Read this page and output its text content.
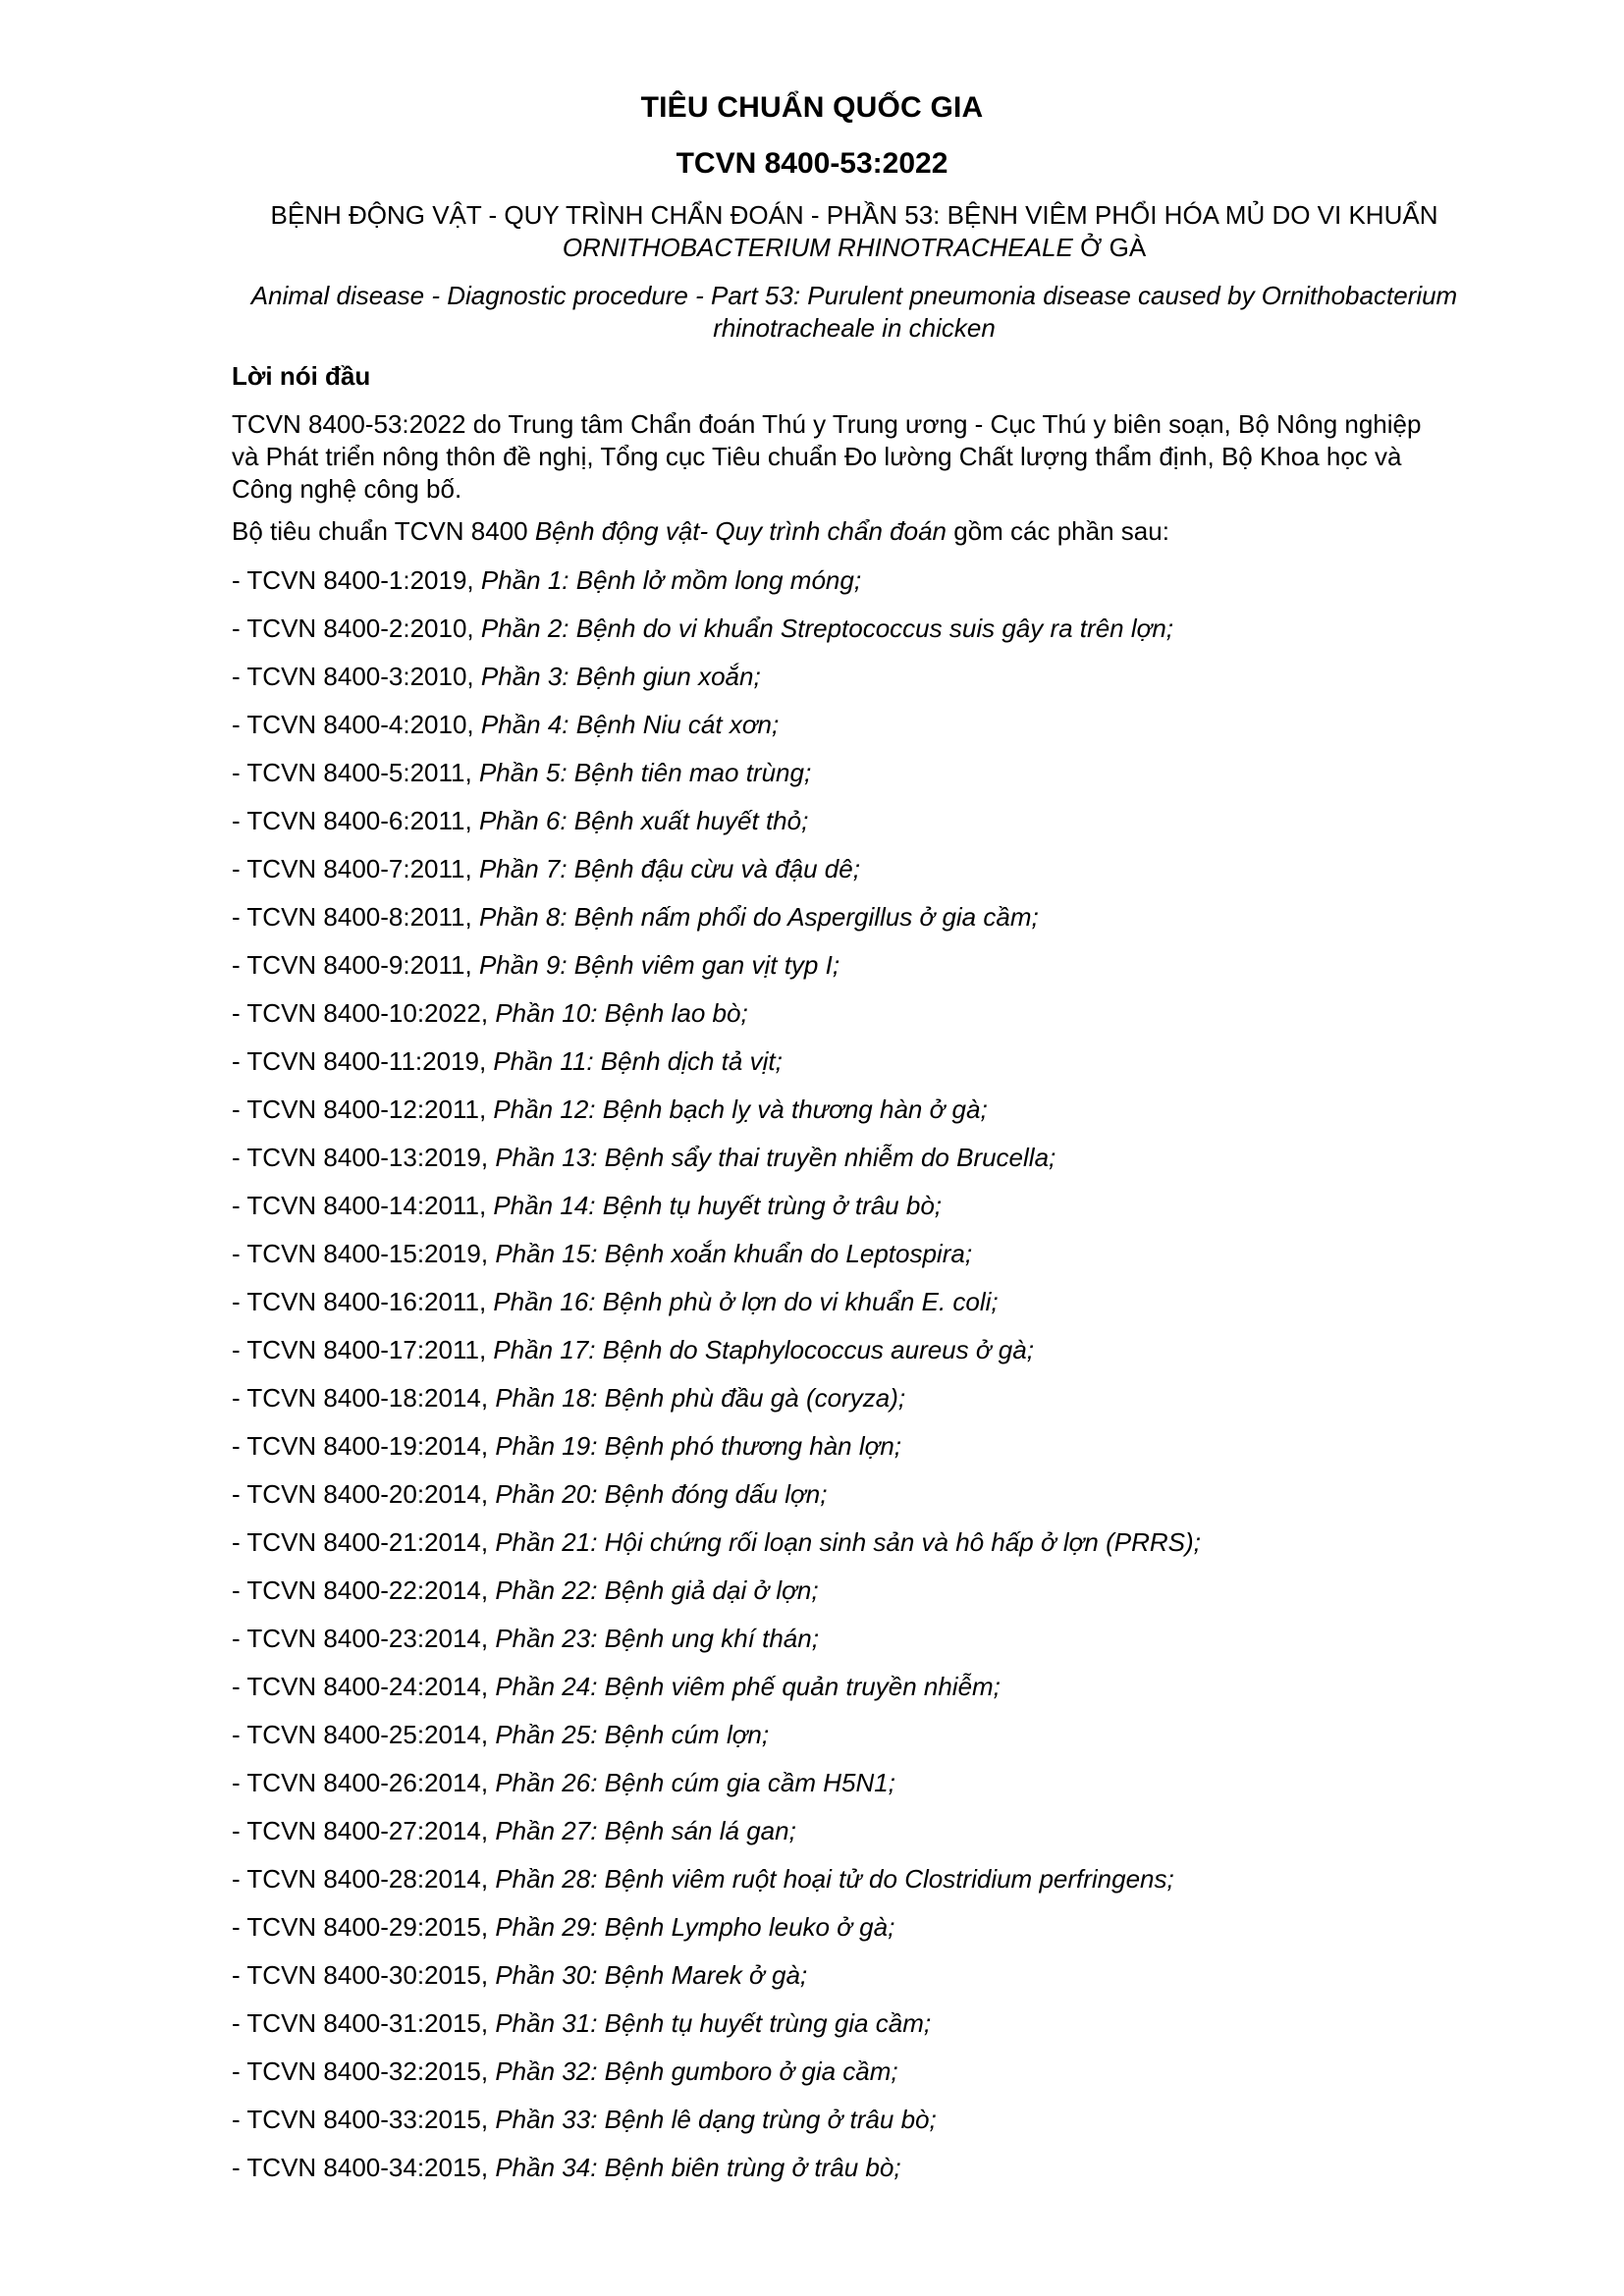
TIÊU CHUẨN QUỐC GIA
TCVN 8400-53:2022
BỆNH ĐỘNG VẬT - QUY TRÌNH CHẨN ĐOÁN - PHẦN 53: BỆNH VIÊM PHỔI HÓA MỦ DO VI KHUẨN ORNITHOBACTERIUM RHINOTRACHEALE Ở GÀ
Animal disease - Diagnostic procedure - Part 53: Purulent pneumonia disease caused by Ornithobacterium rhinotracheale in chicken
Lời nói đầu
TCVN 8400-53:2022 do Trung tâm Chẩn đoán Thú y Trung ương - Cục Thú y biên soạn, Bộ Nông nghiệp và Phát triển nông thôn đề nghị, Tổng cục Tiêu chuẩn Đo lường Chất lượng thẩm định, Bộ Khoa học và Công nghệ công bố.
Bộ tiêu chuẩn TCVN 8400 Bệnh động vật- Quy trình chẩn đoán gồm các phần sau:
- TCVN 8400-1:2019, Phần 1: Bệnh lở mồm long móng;
- TCVN 8400-2:2010, Phần 2: Bệnh do vi khuẩn Streptococcus suis gây ra trên lợn;
- TCVN 8400-3:2010, Phần 3: Bệnh giun xoắn;
- TCVN 8400-4:2010, Phần 4: Bệnh Niu cát xơn;
- TCVN 8400-5:2011, Phần 5: Bệnh tiên mao trùng;
- TCVN 8400-6:2011, Phần 6: Bệnh xuất huyết thỏ;
- TCVN 8400-7:2011, Phần 7: Bệnh đậu cừu và đậu dê;
- TCVN 8400-8:2011, Phần 8: Bệnh nấm phổi do Aspergillus ở gia cầm;
- TCVN 8400-9:2011, Phần 9: Bệnh viêm gan vịt typ I;
- TCVN 8400-10:2022, Phần 10: Bệnh lao bò;
- TCVN 8400-11:2019, Phần 11: Bệnh dịch tả vịt;
- TCVN 8400-12:2011, Phần 12: Bệnh bạch lỵ và thương hàn ở gà;
- TCVN 8400-13:2019, Phần 13: Bệnh sẩy thai truyền nhiễm do Brucella;
- TCVN 8400-14:2011, Phần 14: Bệnh tụ huyết trùng ở trâu bò;
- TCVN 8400-15:2019, Phần 15: Bệnh xoắn khuẩn do Leptospira;
- TCVN 8400-16:2011, Phần 16: Bệnh phù ở lợn do vi khuẩn E. coli;
- TCVN 8400-17:2011, Phần 17: Bệnh do Staphylococcus aureus ở gà;
- TCVN 8400-18:2014, Phần 18: Bệnh phù đầu gà (coryza);
- TCVN 8400-19:2014, Phần 19: Bệnh phó thương hàn lợn;
- TCVN 8400-20:2014, Phần 20: Bệnh đóng dấu lợn;
- TCVN 8400-21:2014, Phần 21: Hội chứng rối loạn sinh sản và hô hấp ở lợn (PRRS);
- TCVN 8400-22:2014, Phần 22: Bệnh giả dại ở lợn;
- TCVN 8400-23:2014, Phần 23: Bệnh ung khí thán;
- TCVN 8400-24:2014, Phần 24: Bệnh viêm phế quản truyền nhiễm;
- TCVN 8400-25:2014, Phần 25: Bệnh cúm lợn;
- TCVN 8400-26:2014, Phần 26: Bệnh cúm gia cầm H5N1;
- TCVN 8400-27:2014, Phần 27: Bệnh sán lá gan;
- TCVN 8400-28:2014, Phần 28: Bệnh viêm ruột hoại tử do Clostridium perfringens;
- TCVN 8400-29:2015, Phần 29: Bệnh Lympho leuko ở gà;
- TCVN 8400-30:2015, Phần 30: Bệnh Marek ở gà;
- TCVN 8400-31:2015, Phần 31: Bệnh tụ huyết trùng gia cầm;
- TCVN 8400-32:2015, Phần 32: Bệnh gumboro ở gia cầm;
- TCVN 8400-33:2015, Phần 33: Bệnh lê dạng trùng ở trâu bò;
- TCVN 8400-34:2015, Phần 34: Bệnh biên trùng ở trâu bò;
